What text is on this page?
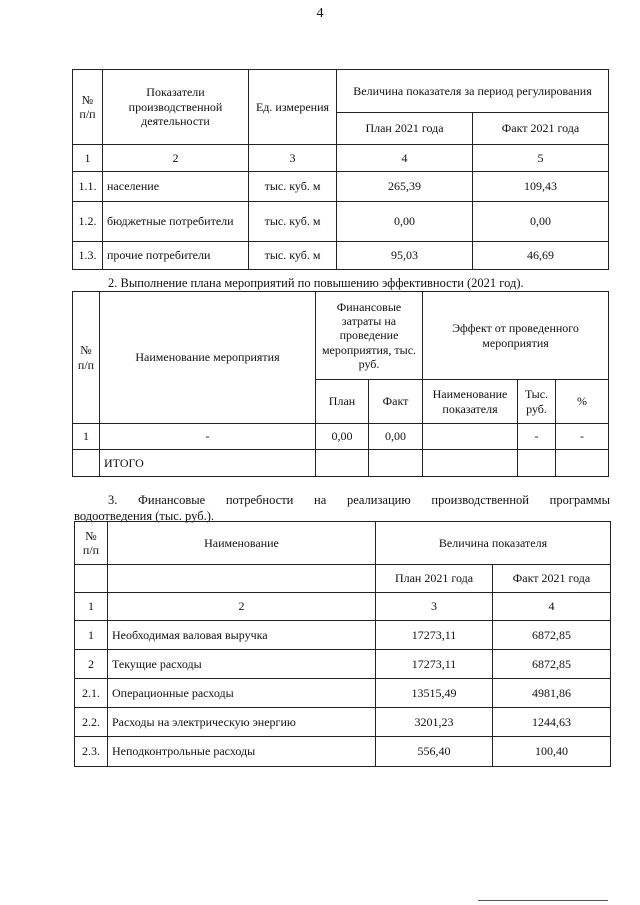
4
№ п/п	Показатели производственной деятельности	Ед. измерения	Величина показателя за период регулирования	
			План 2021 года	Факт 2021 года
1	2	3	4	5
1.1.	население	тыс. куб. м	265,39	109,43
1.2.	бюджетные потребители	тыс. куб. м	0,00	0,00
1.3.	прочие потребители	тыс. куб. м	95,03	46,69
2. Выполнение плана мероприятий по повышению эффективности (2021 год).
№ п/п	Наименование мероприятия	Финансовые затраты на проведение мероприятия, тыс. руб.		Эффект от проведенного мероприятия		
		План	Факт	Наименование показателя	Тыс. руб.	%
1	-	0,00	0,00		-	-
	ИТОГО					
3. Финансовые потребности на реализацию производственной программы
водоотведения (тыс. руб.).
№ п/п	Наименование	Величина показателя	
		План 2021 года	Факт 2021 года
1	2	3	4
1	Необходимая валовая выручка	17273,11	6872,85
2	Текущие расходы	17273,11	6872,85
2.1.	Операционные расходы	13515,49	4981,86
2.2.	Расходы на электрическую энергию	3201,23	1244,63
2.3.	Неподконтрольные расходы	556,40	100,40
